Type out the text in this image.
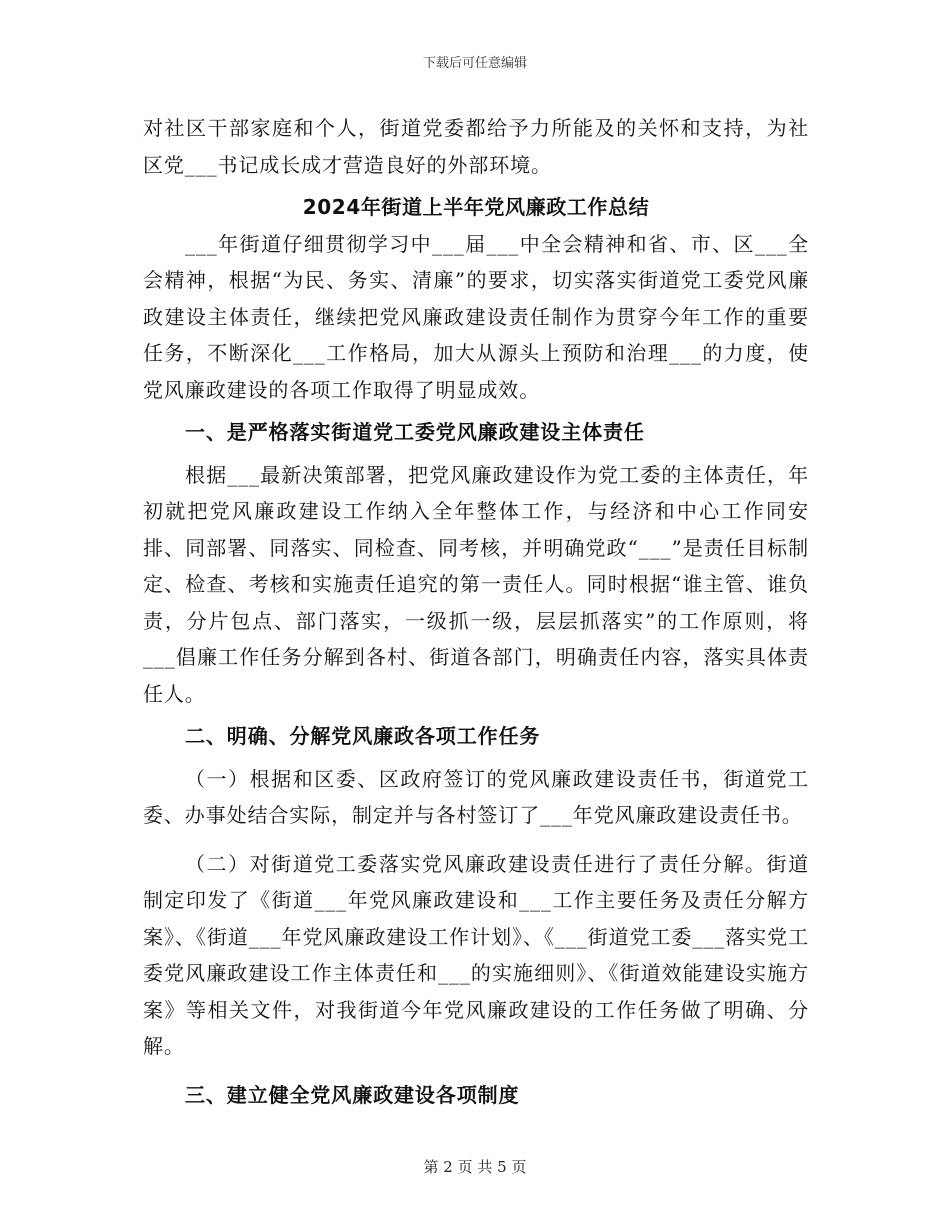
下载后可任意编辑

对社区干部家庭和个人，街道党委都给予力所能及的关怀和支持，为社区党___书记成长成才营造良好的外部环境。

2024年街道上半年党风廉政工作总结

___年街道仔细贯彻学习中___届___中全会精神和省、市、区___全会精神，根据“为民、务实、清廉”的要求，切实落实街道党工委党风廉政建设主体责任，继续把党风廉政建设责任制作为贯穿今年工作的重要任务，不断深化___工作格局，加大从源头上预防和治理___的力度，使党风廉政建设的各项工作取得了明显成效。

一、是严格落实街道党工委党风廉政建设主体责任

根据___最新决策部署，把党风廉政建设作为党工委的主体责任，年初就把党风廉政建设工作纳入全年整体工作，与经济和中心工作同安排、同部署、同落实、同检查、同考核，并明确党政“___”是责任目标制定、检查、考核和实施责任追究的第一责任人。同时根据“谁主管、谁负责，分片包点、部门落实，一级抓一级，层层抓落实”的工作原则，将___倡廉工作任务分解到各村、街道各部门，明确责任内容，落实具体责任人。

二、明确、分解党风廉政各项工作任务

（一）根据和区委、区政府签订的党风廉政建设责任书，街道党工委、办事处结合实际，制定并与各村签订了___年党风廉政建设责任书。

（二）对街道党工委落实党风廉政建设责任进行了责任分解。街道制定印发了《街道___年党风廉政建设和___工作主要任务及责任分解方案》、《街道___年党风廉政建设工作计划》、《___街道党工委___落实党工委党风廉政建设工作主体责任和___的实施细则》、《街道效能建设实施方案》等相关文件，对我街道今年党风廉政建设的工作任务做了明确、分解。

三、建立健全党风廉政建设各项制度

第 2 页 共 5 页
